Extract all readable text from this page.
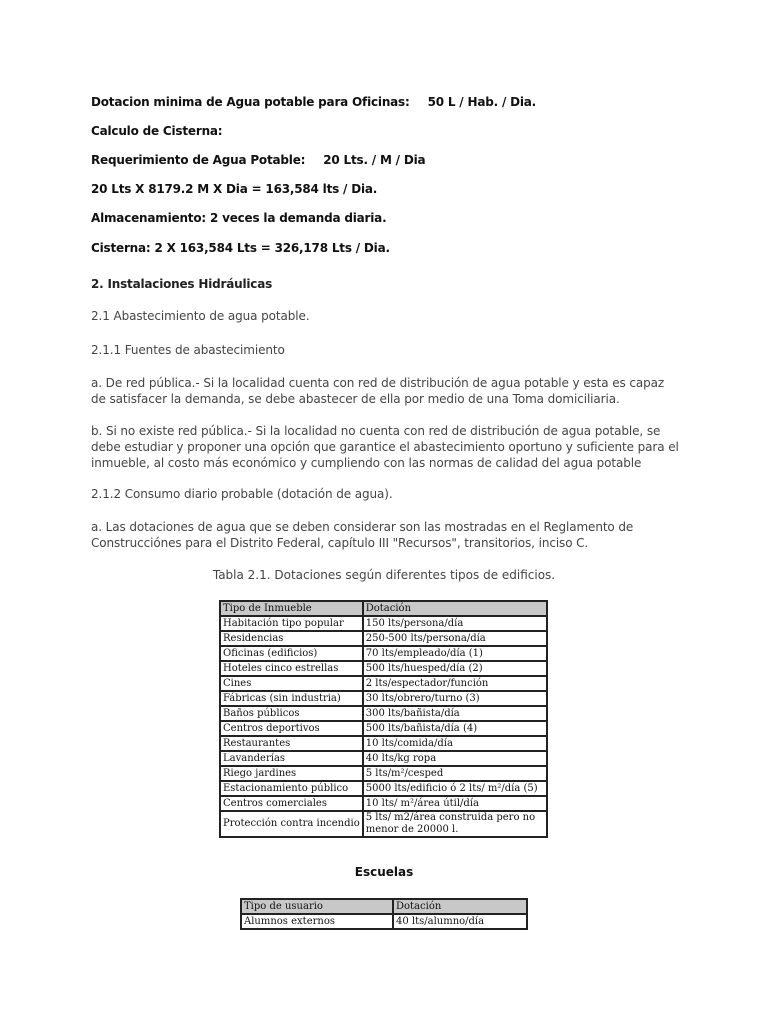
Dotacion minima de Agua potable para Oficinas: 50 L / Hab. / Dia.
Calculo de Cisterna:
Requerimiento de Agua Potable: 20 Lts. / M / Dia
20 Lts X 8179.2 M X Dia = 163,584 lts / Dia.
Almacenamiento: 2 veces la demanda diaria.
Cisterna: 2 X 163,584 Lts = 326,178 Lts / Dia.
2. Instalaciones Hidráulicas
2.1 Abastecimiento de agua potable.
2.1.1 Fuentes de abastecimiento
a. De red pública.- Si la localidad cuenta con red de distribución de agua potable y esta es capaz de satisfacer la demanda, se debe abastecer de ella por medio de una Toma domiciliaria.
b. Si no existe red pública.- Si la localidad no cuenta con red de distribución de agua potable, se debe estudiar y proponer una opción que garantice el abastecimiento oportuno y suficiente para el inmueble, al costo más económico y cumpliendo con las normas de calidad del agua potable
2.1.2 Consumo diario probable (dotación de agua).
a. Las dotaciones de agua que se deben considerar son las mostradas en el Reglamento de Construcciónes para el Distrito Federal, capítulo III "Recursos", transitorios, inciso C.
Tabla 2.1. Dotaciones según diferentes tipos de edificios.
Tipo de Inmueble	Dotación
Habitación tipo popular	150 lts/persona/día
Residencias	250-500 lts/persona/día
Oficinas (edificios)	70 lts/empleado/día (1)
Hoteles cinco estrellas	500 lts/huesped/día (2)
Cines	2 lts/espectador/función
Fábricas (sin industria)	30 lts/obrero/turno (3)
Baños públicos	300 lts/bañista/día
Centros deportivos	500 lts/bañista/día (4)
Restaurantes	10 lts/comida/día
Lavanderías	40 lts/kg ropa
Riego jardines	5 lts/m²/cesped
Estacionamiento público	5000 lts/edificio ó 2 lts/ m²/día (5)
Centros comerciales	10 lts/ m²/área útil/día
Protección contra incendio	5 lts/ m2/área construida pero no menor de 20000 l.
Escuelas
Tipo de usuario	Dotación
Alumnos externos	40 lts/alumno/día
